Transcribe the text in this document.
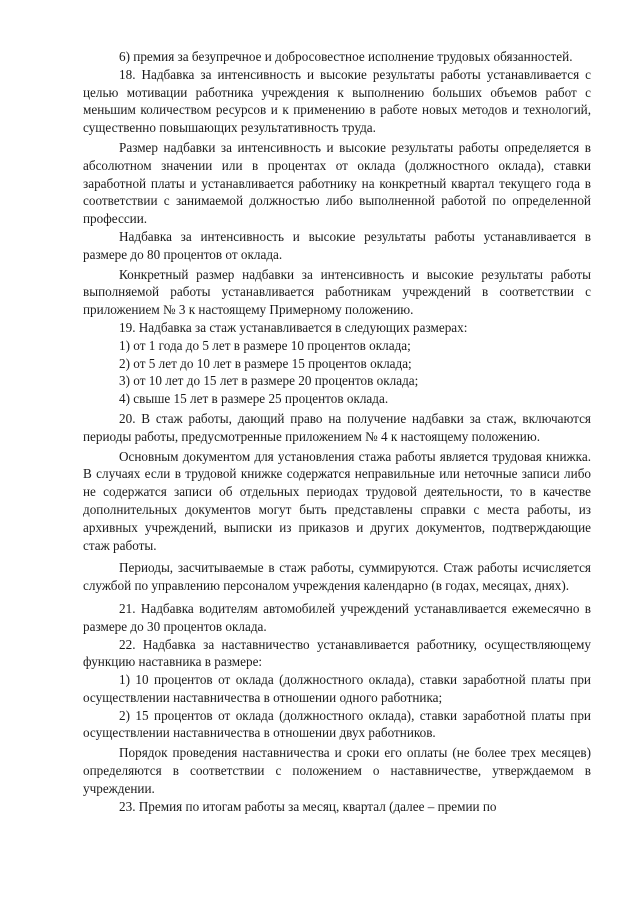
6) премия за безупречное и добросовестное исполнение трудовых обязанностей.

18. Надбавка за интенсивность и высокие результаты работы устанавливается с целью мотивации работника учреждения к выполнению больших объемов работ с меньшим количеством ресурсов и к применению в работе новых методов и технологий, существенно повышающих результативность труда.

Размер надбавки за интенсивность и высокие результаты работы определяется в абсолютном значении или в процентах от оклада (должностного оклада), ставки заработной платы и устанавливается работнику на конкретный квартал текущего года в соответствии с занимаемой должностью либо выполненной работой по определенной профессии.

Надбавка за интенсивность и высокие результаты работы устанавливается в размере до 80 процентов от оклада.

Конкретный размер надбавки за интенсивность и высокие результаты работы выполняемой работы устанавливается работникам учреждений в соответствии с приложением № 3 к настоящему Примерному положению.

19. Надбавка за стаж устанавливается в следующих размерах:

1) от 1 года до 5 лет в размере 10 процентов оклада;

2) от 5 лет до 10 лет в размере 15 процентов оклада;

3) от 10 лет до 15 лет в размере 20 процентов оклада;

4) свыше 15 лет в размере 25 процентов оклада.

20. В стаж работы, дающий право на получение надбавки за стаж, включаются периоды работы, предусмотренные приложением № 4 к настоящему положению.

Основным документом для установления стажа работы является трудовая книжка. В случаях если в трудовой книжке содержатся неправильные или неточные записи либо не содержатся записи об отдельных периодах трудовой деятельности, то в качестве дополнительных документов могут быть представлены справки с места работы, из архивных учреждений, выписки из приказов и других документов, подтверждающие стаж работы.

Периоды, засчитываемые в стаж работы, суммируются. Стаж работы исчисляется службой по управлению персоналом учреждения календарно (в годах, месяцах, днях).

21. Надбавка водителям автомобилей учреждений устанавливается ежемесячно в размере до 30 процентов оклада.

22. Надбавка за наставничество устанавливается работнику, осуществляющему функцию наставника в размере:

1) 10 процентов от оклада (должностного оклада), ставки заработной платы при осуществлении наставничества в отношении одного работника;

2) 15 процентов от оклада (должностного оклада), ставки заработной платы при осуществлении наставничества в отношении двух работников.

Порядок проведения наставничества и сроки его оплаты (не более трех месяцев) определяются в соответствии с положением о наставничестве, утверждаемом в учреждении.

23. Премия по итогам работы за месяц, квартал (далее – премии по
